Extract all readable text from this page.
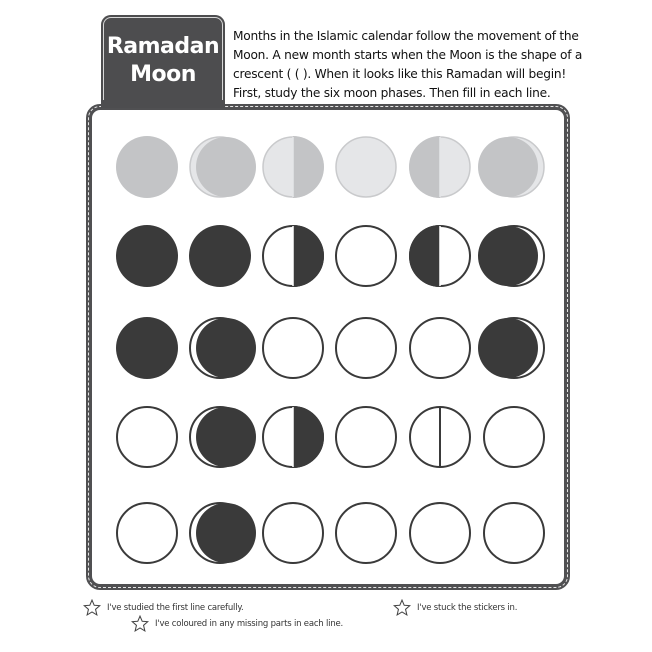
Ramadan
Moon
Months in the Islamic calendar follow the movement of the Moon. A new month starts when the Moon is the shape of a crescent ( ( ). When it looks like this Ramadan will begin! First, study the six moon phases. Then fill in each line.
I've studied the first line carefully.
I've coloured in any missing parts in each line.
I've stuck the stickers in.
